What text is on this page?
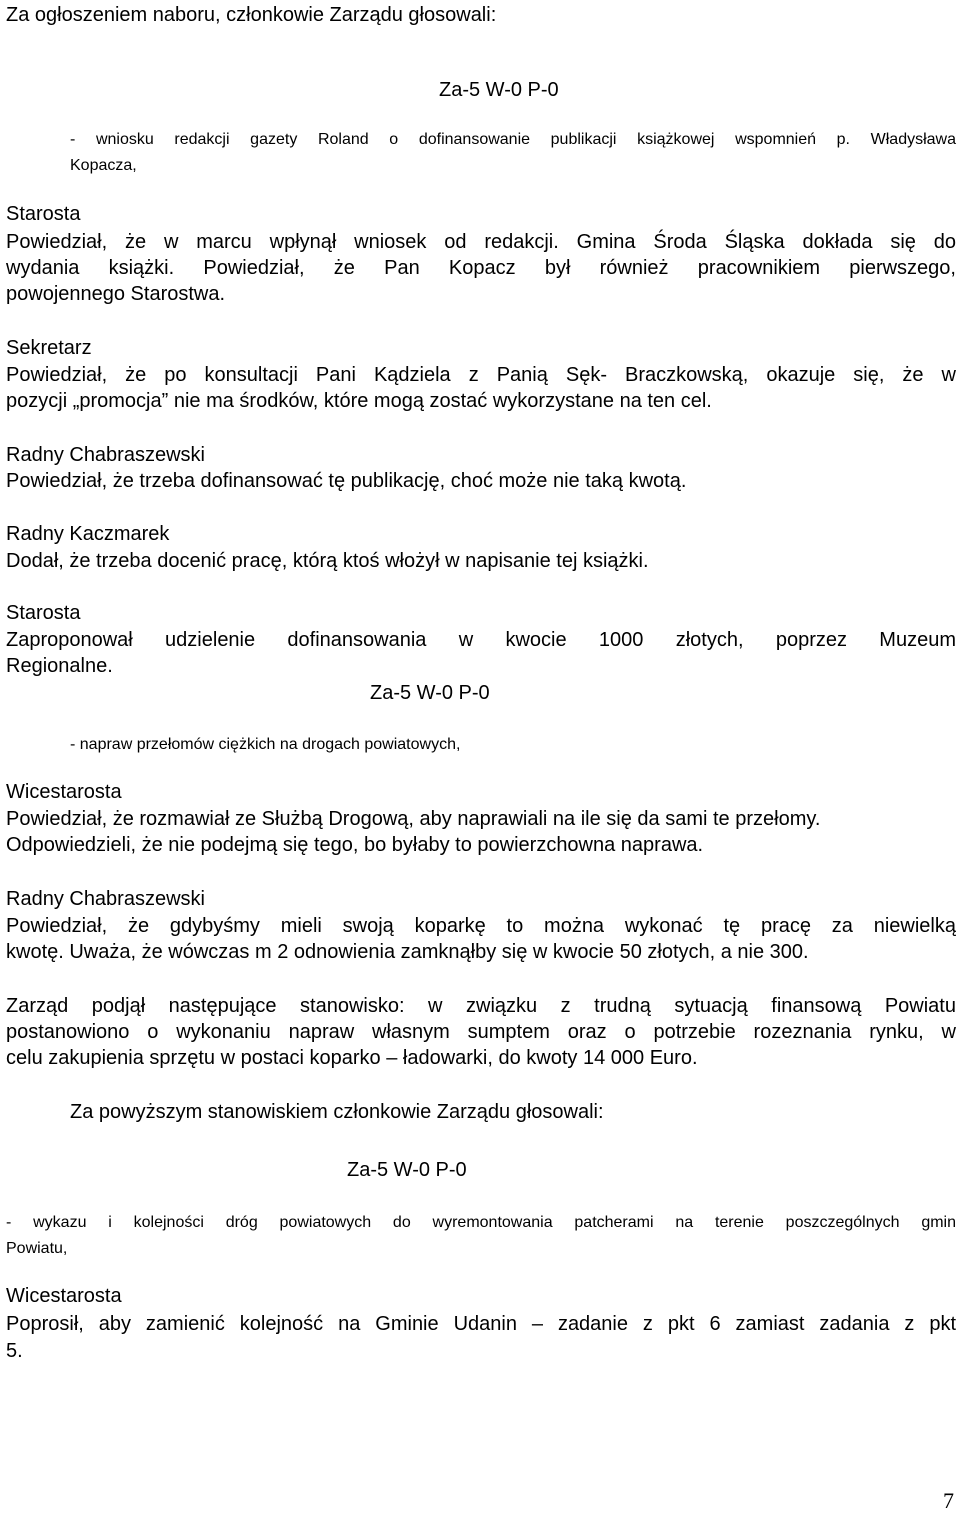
Za ogłoszeniem naboru, członkowie Zarządu głosowali:
Za-5 W-0 P-0
- wniosku redakcji gazety Roland o dofinansowanie publikacji książkowej wspomnień p. Władysława
Kopacza,
Starosta
Powiedział, że w marcu wpłynął wniosek od redakcji. Gmina Środa Śląska dokłada się do
wydania książki. Powiedział, że Pan Kopacz był również pracownikiem pierwszego,
powojennego Starostwa.
Sekretarz
Powiedział, że po konsultacji Pani Kądziela z Panią Sęk- Braczkowską, okazuje się, że w
pozycji „promocja” nie ma środków, które mogą zostać wykorzystane na ten cel.
Radny Chabraszewski
Powiedział, że trzeba dofinansować tę publikację, choć może nie taką kwotą.
Radny Kaczmarek
Dodał, że trzeba docenić pracę, którą ktoś włożył w napisanie tej książki.
Starosta
Zaproponował udzielenie dofinansowania w kwocie 1000 złotych, poprzez Muzeum
Regionalne.
Za-5 W-0 P-0
- napraw przełomów ciężkich na drogach powiatowych,
Wicestarosta
Powiedział, że rozmawiał ze Służbą Drogową, aby naprawiali na ile się da sami te przełomy.
Odpowiedzieli, że nie podejmą się tego, bo byłaby to powierzchowna naprawa.
Radny Chabraszewski
Powiedział, że gdybyśmy mieli swoją koparkę to można wykonać tę pracę za niewielką
kwotę. Uważa, że wówczas m 2 odnowienia zamknąłby się w kwocie 50 złotych, a nie 300.
Zarząd podjął następujące stanowisko: w związku z trudną sytuacją finansową Powiatu
postanowiono o wykonaniu napraw własnym sumptem oraz o potrzebie rozeznania rynku, w
celu zakupienia sprzętu w postaci koparko – ładowarki, do kwoty 14 000 Euro.
Za powyższym stanowiskiem członkowie Zarządu głosowali:
Za-5 W-0 P-0
- wykazu i kolejności dróg powiatowych do wyremontowania patcherami na terenie poszczególnych gmin
Powiatu,
Wicestarosta
Poprosił, aby zamienić kolejność na Gminie Udanin – zadanie z pkt 6 zamiast zadania z pkt
5.
7
